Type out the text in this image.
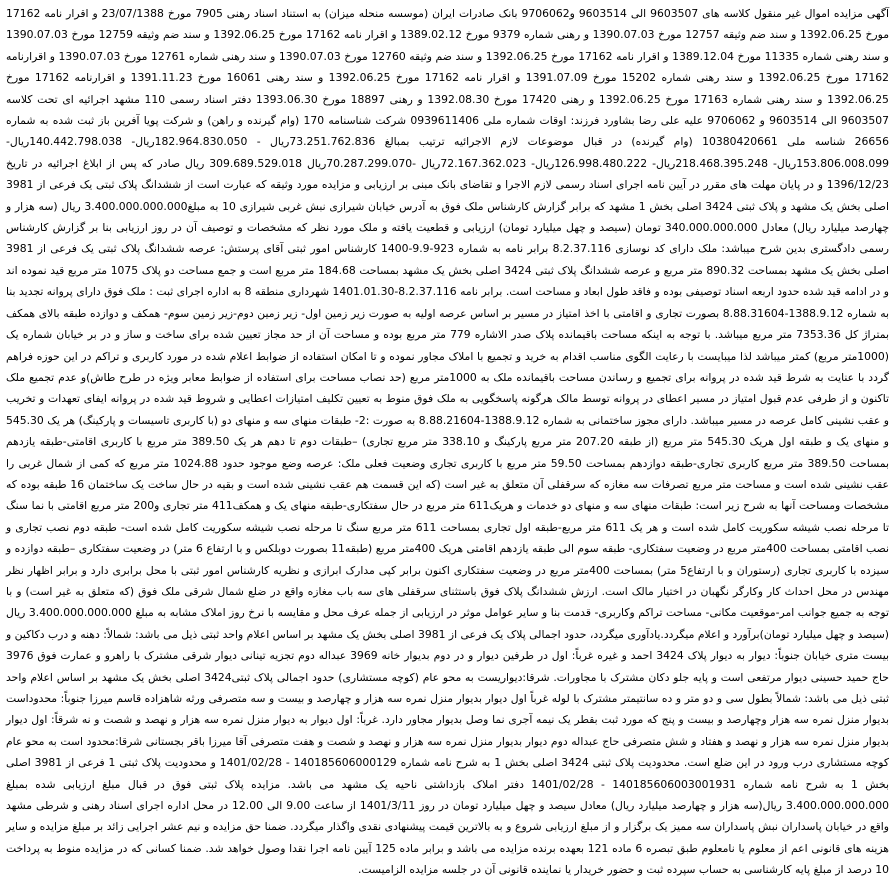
آگهی مزایده اموال غیر منقول کلاسه های 9603507 الی 9603514 و9706062 بانک صادرات ایران (موسسه منحله میزان) به استناد اسناد رهنی 7905 مورخ 23/07/1388 و اقرار نامه 17162 مورخ 1392.06.25 و سند ضم وثیقه 12757 مورخ 1390.07.03 و رهنی شماره 9379 مورخ 1389.02.12 و اقرار نامه 17162 مورخ 1392.06.25 و سند ضم وثیقه 12759 مورخ 1390.07.03 و سند رهنی شماره 11335 مورخ 1389.12.04 و اقرار نامه 17162 مورخ 1392.06.25 و سند ضم وثیقه 12760 مورخ 1390.07.03 و سند رهنی شماره 12761 مورخ 1390.07.03 و اقرارنامه 17162 مورخ 1392.06.25 و سند رهنی شماره 15202 مورخ 1391.07.09 و اقرار نامه 17162 مورخ 1392.06.25 و سند رهنی 16061 مورخ 1391.11.23 و اقرارنامه 17162 مورخ 1392.06.25 و سند رهنی شماره 17163 مورخ 1392.06.25 و رهنی 17420 مورخ 1392.08.30 و رهنی 18897 مورخ 1393.06.30 دفتر اسناد رسمی 110 مشهد اجرائیه ای تحت کلاسه 9603507 الی 9603514 و 9706062 علیه علی رضا بشاورد فرزند: اوقات شماره ملی 0939611406 شرکت شناسنامه 170 (وام گیرنده و راهن) و شرکت پویا آفرین باز ثبت شده به شماره 26656 شناسه ملی 10380420661 (وام گیرنده) در قبال موضوعات لازم الاجرائیه ترتیب بمبالغ 73.251.762.836ریال - 182.964.830.050ریال- 140.442.798.038ریال- 153.806.008.099ریال- 218.468.395.248ریال- 126.998.480.222ریال- 72.167.362.023ریال -70.287.299.070ریال 309.689.529.018 ریال صادر که پس از ابلاغ اجرائیه در تاریخ 1396/12/23 و در پایان مهلت های مقرر در آیین نامه اجرای اسناد رسمی لازم الاجرا و تقاضای بانک مبنی بر ارزیابی و مزایده مورد وثیقه که عبارت است از ششدانگ پلاک ثبتی یک فرعی از 3981 اصلی بخش یک مشهد و پلاک ثبتی 3424 اصلی بخش 1 مشهد که برابر گزارش کارشناس ملک فوق به آدرس خیابان شیرازی نبش غربی شیرازی 10 به مبلغ3.400.000.000.000 ریال (سه هزار و چهارصد میلیارد ریال) معادل 340.000.000.000 تومان (سیصد و چهل میلیارد تومان) ارزیابی و قطعیت یافته و ملک مورد نظر که مشخصات و توصیف آن در روز ارزیابی بنا بر گزارش کارشناس رسمی دادگستری بدین شرح میباشد: ملک دارای کد نوسازی 8.2.37.116 برابر نامه به شماره 923-9.9-1400 کارشناس امور ثبتی آقای پرستش: عرصه ششدانگ پلاک ثبتی یک فرعی از 3981 اصلی بخش یک مشهد بمساحت 890.32 متر مربع و عرصه ششدانگ پلاک ثبتی 3424 اصلی بخش یک مشهد بمساحت 184.68 متر مربع است و جمع مساحت دو پلاک 1075 متر مربع قید نموده اند و در ادامه قید شده حدود اربعه اسناد توصیفی بوده و فاقد طول ابعاد و مساحت است. برابر نامه 8.2.37.116-1401.01.30 شهرداری منطقه 8 به اداره اجرای ثبت : ملک فوق دارای پروانه تجدید بنا به شماره 1388.9.12-8.88.31604 بصورت تجاری و اقامتی با اخذ امتیاز در مسیر بر اساس عرصه اولیه به صورت زیر زمین اول- زیر زمین دوم-زیر زمین سوم- همکف و دوازده طبقه بالای همکف بمتراژ کل 7353.36 متر مربع میباشد. با توجه به اینکه مساحت باقیمانده پلاک صدر الاشاره 779 متر مربع بوده و مساحت آن از حد مجاز تعیین شده برای ساخت و ساز و در بر خیابان شماره یک (1000متر مربع) کمتر میباشد لذا میبایست با رعایت الگوی مناسب اقدام به خرید و تجمیع با املاک مجاور نموده و تا امکان استفاده از ضوابط اعلام شده در مورد کاربری و تراکم در این حوزه فراهم گردد با عنایت به شرط قید شده در پروانه برای تجمیع و رساندن مساحت باقیمانده ملک به 1000متر مربع (حد نصاب مساحت برای استفاده از ضوابط معابر ویژه در طرح طاش)و عدم تجمیع ملک تاکنون و از طرفی عدم قبول امتیاز در مسیر اعطای در پروانه توسط مالک هرگونه پاسخگویی به ملک فوق منوط به تعیین تکلیف امتیازات اعطایی و شروط قید شده در پروانه ایفای تعهدات و تخریب و عقب نشینی کامل عرصه در مسیر میباشد. دارای مجوز ساختمانی به شماره 1388.9.12-8.88.21604 به صورت :2- طبقات منهای سه و منهای دو (با کاربری تاسیسات و پارکینگ) هر یک 545.30 و منهای یک و طبقه اول هریک 545.30 متر مربع (از طبقه 207.20 متر مربع پارکینگ و 338.10 متر مربع تجاری) –طبقات دوم تا دهم هر یک 389.50 متر مربع با کاربری اقامتی-طبقه یازدهم بمساحت 389.50 متر مربع کاربری تجاری-طبقه دوازدهم بمساحت 59.50 متر مربع با کاربری تجاری وضعیت فعلی ملک: عرصه وضع موجود حدود 1024.88 متر مربع که کمی از شمال غربی را عقب نشینی شده است و مساحت متر مربع تصرفات سه مغازه که سرقفلی آن متعلق به غیر است (که این قسمت هم عقب نشینی شده است و بقیه در حال ساخت یک ساختمان 16 طبقه بوده که مشخصات ومساحت آنها به شرح زیر است: طبقات منهای سه و منهای دو خدمات و هریک611 متر مربع در حال سفتکاری-طبقه منهای یک و همکف411 متر تجاری و200 متر مربع اقامتی با نما سنگ تا مرحله نصب شیشه سکوریت کامل شده است و هر یک 611 متر مربع-طبقه اول تجاری بمساحت 611 متر مربع سنگ تا مرحله نصب شیشه سکوریت کامل شده است- طبقه دوم نصب تجاری و نصب اقامتی بمساحت 400متر مربع در وضعیت سفتکاری- طبقه سوم الی طبقه یازدهم اقامتی هریک 400متر مربع (طبقه11 بصورت دوبلکس و با ارتفاع 6 متر) در وضعیت سفتکاری –طبقه دوازده و سیزده با کاربری تجاری (رستوران و با ارتفاع5 متر) بمساحت 400متر مربع در وضعیت سفتکاری اکنون برابر کپی مدارک ابرازی و نظریه کارشناس امور ثبتی با محل برابری دارد و برابر اظهار نظر مهندس در محل احداث کار وکارگر نگهبان در اختیار مالک است. ارزش ششدانگ پلاک فوق باستثنای سرقفلی های سه باب مغازه واقع در ضلع شمال شرقی ملک فوق (که متعلق به غیر است) و با توجه به جمیع جوانب امر-موقعیت مکانی- مساحت تراکم وکاربری- قدمت بنا و سایر عوامل موثر در ارزیابی از جمله عرف محل و مقایسه با نرخ روز املاک مشابه به مبلغ 3.400.000.000.000 ریال (سیصد و چهل میلیارد تومان)برآورد و اعلام میگردد.یادآوری میگردد، حدود اجمالی پلاک یک فرعی از 3981 اصلی بخش یک مشهد بر اساس اعلام واحد ثبتی ذیل می باشد: شمالاً: دهنه و درب دکاکین و بیست متری خیابان جنوباً: دیوار به دیوار پلاک 3424 احمد و غیره غرباً: اول در طرفین دیوار و در دوم بدیوار خانه 3969 عبداله دوم تجزیه تینانی دیوار شرقی مشترک با راهرو و عمارت فوق 3976 حاج حمید حسینی دیوار مرتفعی است و پایه جلو دکان مشترک با مجاورات. شرقا:دیواریست به محو عام (کوچه مستشاری) حدود اجمالی پلاک ثبتی3424 اصلی بخش یک مشهد بر اساس اعلام واحد ثبتی ذیل می باشد: شمالاً بطول سی و دو متر و ده سانتیمتر مشترک با لوله غرباً اول دیوار بدیوار منزل نمره سه هزار و چهارصد و بیست و سه متصرفی ورثه شاهزاده قاسم میرزا جنوباً: محدوداست بدیوار منزل نمره سه هزار وچهارصد و بیست و پنج که مورد ثبت بقطر یک نیمه آجری نما وصل بدیوار مجاور دارد. غرباً: اول دیوار به دیوار منزل نمره سه هزار و نهصد و شصت و نه شرقاً: اول دیوار بدیوار منزل نمره سه هزار و نهصد و هفتاد و شش متصرفی حاج عبداله دوم دیوار بدیوار منزل نمره سه هزار و نهصد و شصت و هفت متصرفی آقا میرزا باقر بجستانی شرقا:محدود است به محو عام کوچه مستشاری درب ورود در این ضلع است. محدودیت پلاک ثبتی 3424 اصلی بخش 1 به شرح نامه شماره 140185606000129 - 1401/02/28 و محدودیت پلاک ثبتی 1 فرعی از 3981 اصلی بخش 1 به شرح نامه شماره 140185606003001931 - 1401/02/28 دفتر املاک بازداشتی ناحیه یک مشهد می باشد. مزایده پلاک ثبتی فوق در قبال مبلغ ارزیابی شده بمبلغ 3.400.000.000.000 ریال(سه هزار و چهارصد میلیارد ریال) معادل سیصد و چهل میلیارد تومان در روز 1401/3/11 از ساعت 9.00 الی 12.00 در محل اداره اجرای اسناد رهنی و شرطی مشهد واقع در خیابان پاسداران نبش پاسداران سه ممیز یک برگزار و از مبلغ ارزیابی شروع و به بالاترین قیمت پیشنهادی نقدی واگذار میگردد. ضمنا حق مزایده و نیم عشر اجرایی زائد بر مبلغ مزایده و سایر هزینه های قانونی اعم از معلوم یا نامعلوم طبق تبصره 6 ماده 121 بعهده برنده مزایده می باشد و برابر ماده 125 آیین نامه اجرا نقدا وصول خواهد شد. ضمنا کسانی که در مزایده منوط به پرداخت 10 درصد از مبلغ پایه کارشناسی به حساب سپرده ثبت و حضور خریدار یا نماینده قانونی آن در جلسه مزایده الزامیست.
